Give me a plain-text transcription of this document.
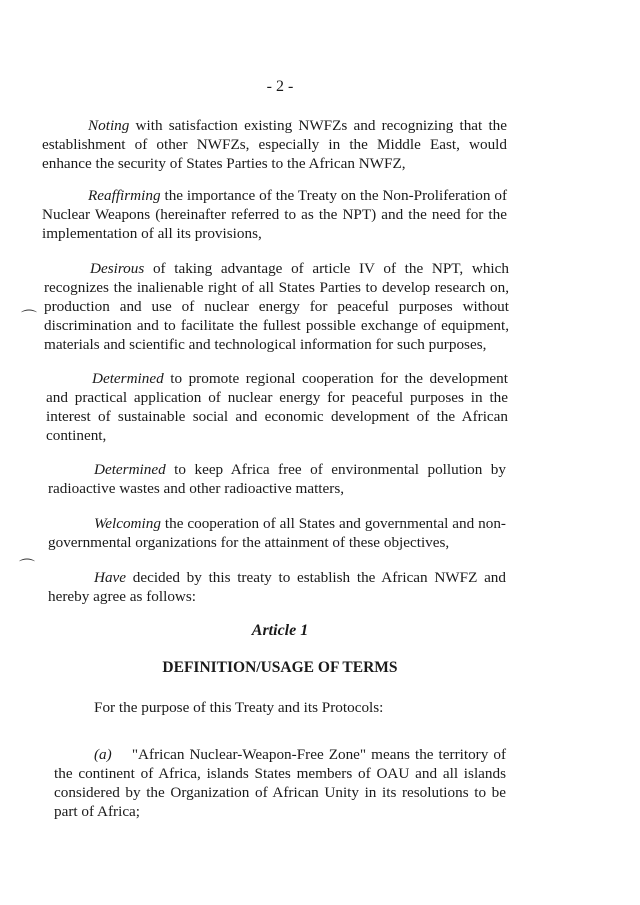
- 2 -

Noting with satisfaction existing NWFZs and recognizing that the establishment of other NWFZs, especially in the Middle East, would enhance the security of States Parties to the African NWFZ,

Reaffirming the importance of the Treaty on the Non-Proliferation of Nuclear Weapons (hereinafter referred to as the NPT) and the need for the implementation of all its provisions,

Desirous of taking advantage of article IV of the NPT, which recognizes the inalienable right of all States Parties to develop research on, production and use of nuclear energy for peaceful purposes without discrimination and to facilitate the fullest possible exchange of equipment, materials and scientific and technological information for such purposes,

Determined to promote regional cooperation for the development and practical application of nuclear energy for peaceful purposes in the interest of sustainable social and economic development of the African continent,

Determined to keep Africa free of environmental pollution by radioactive wastes and other radioactive matters,

Welcoming the cooperation of all States and governmental and non-governmental organizations for the attainment of these objectives,

Have decided by this treaty to establish the African NWFZ and hereby agree as follows:

Article 1
DEFINITION/USAGE OF TERMS

For the purpose of this Treaty and its Protocols:

(a) "African Nuclear-Weapon-Free Zone" means the territory of the continent of Africa, islands States members of OAU and all islands considered by the Organization of African Unity in its resolutions to be part of Africa;

⌒
⌒
